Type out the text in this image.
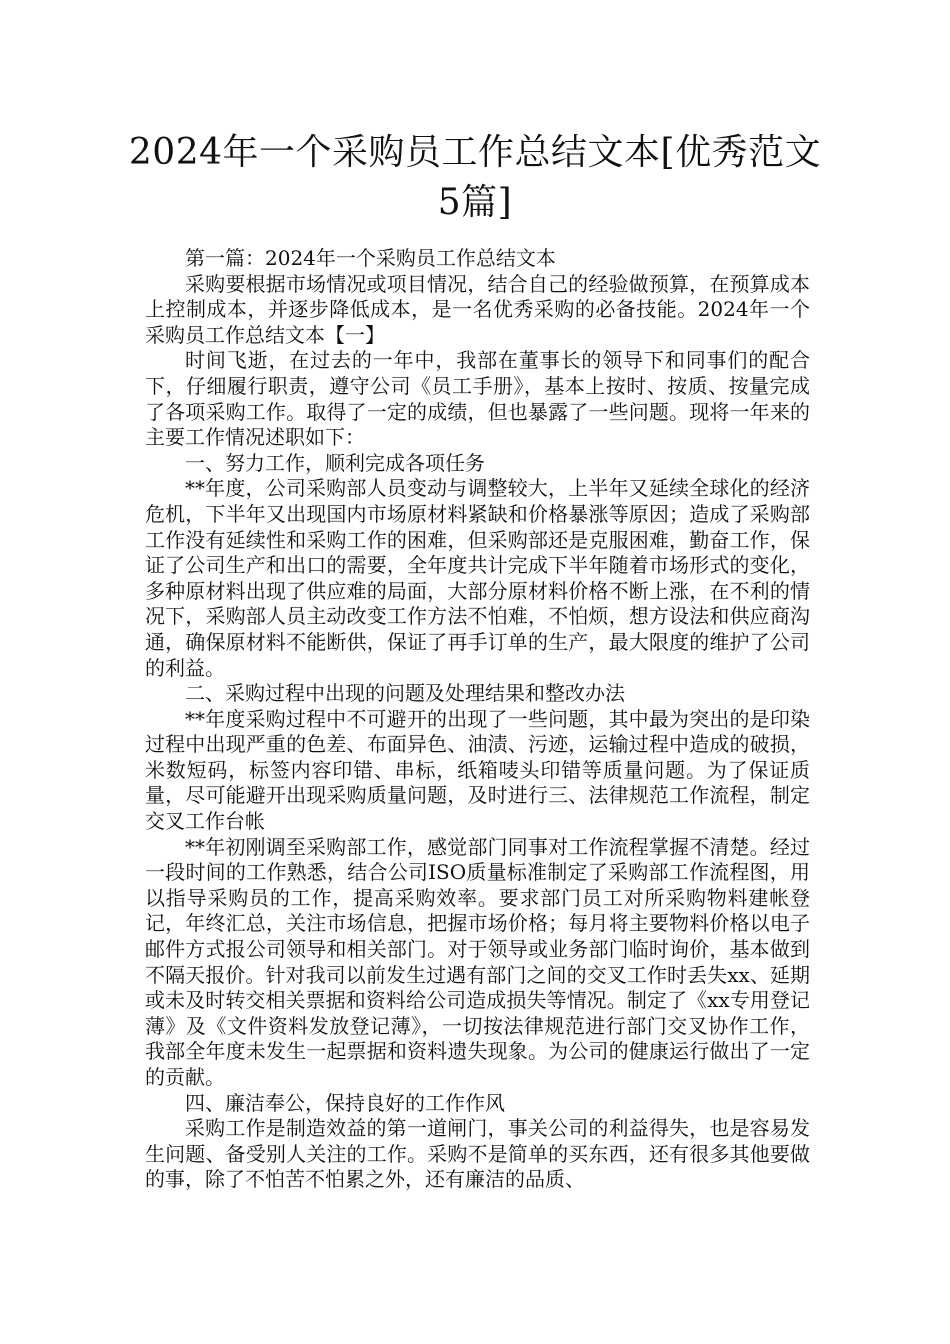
2024年一个采购员工作总结文本[优秀范文5篇]

第一篇：2024年一个采购员工作总结文本

采购要根据市场情况或项目情况，结合自己的经验做预算，在预算成本上控制成本，并逐步降低成本，是一名优秀采购的必备技能。2024年一个采购员工作总结文本【一】

时间飞逝，在过去的一年中，我部在董事长的领导下和同事们的配合下，仔细履行职责，遵守公司《员工手册》，基本上按时、按质、按量完成了各项采购工作。取得了一定的成绩，但也暴露了一些问题。现将一年来的主要工作情况述职如下：

一、努力工作，顺利完成各项任务

**年度，公司采购部人员变动与调整较大，上半年又延续全球化的经济危机，下半年又出现国内市场原材料紧缺和价格暴涨等原因；造成了采购部工作没有延续性和采购工作的困难，但采购部还是克服困难，勤奋工作，保证了公司生产和出口的需要，全年度共计完成下半年随着市场形式的变化，多种原材料出现了供应难的局面，大部分原材料价格不断上涨，在不利的情况下，采购部人员主动改变工作方法不怕难，不怕烦，想方设法和供应商沟通，确保原材料不能断供，保证了再手订单的生产，最大限度的维护了公司的利益。

二、采购过程中出现的问题及处理结果和整改办法

**年度采购过程中不可避开的出现了一些问题，其中最为突出的是印染过程中出现严重的色差、布面异色、油渍、污迹，运输过程中造成的破损，米数短码，标签内容印错、串标，纸箱唛头印错等质量问题。为了保证质量，尽可能避开出现采购质量问题，及时进行三、法律规范工作流程，制定交叉工作台帐

**年初刚调至采购部工作，感觉部门同事对工作流程掌握不清楚。经过一段时间的工作熟悉，结合公司ISO质量标准制定了采购部工作流程图，用以指导采购员的工作，提高采购效率。要求部门员工对所采购物料建帐登记，年终汇总，关注市场信息，把握市场价格；每月将主要物料价格以电子邮件方式报公司领导和相关部门。对于领导或业务部门临时询价，基本做到不隔天报价。针对我司以前发生过遇有部门之间的交叉工作时丢失xx、延期或未及时转交相关票据和资料给公司造成损失等情况。制定了《xx专用登记薄》及《文件资料发放登记薄》，一切按法律规范进行部门交叉协作工作，我部全年度未发生一起票据和资料遗失现象。为公司的健康运行做出了一定的贡献。

四、廉洁奉公，保持良好的工作作风

采购工作是制造效益的第一道闸门，事关公司的利益得失，也是容易发生问题、备受别人关注的工作。采购不是简单的买东西，还有很多其他要做的事，除了不怕苦不怕累之外，还有廉洁的品质、
